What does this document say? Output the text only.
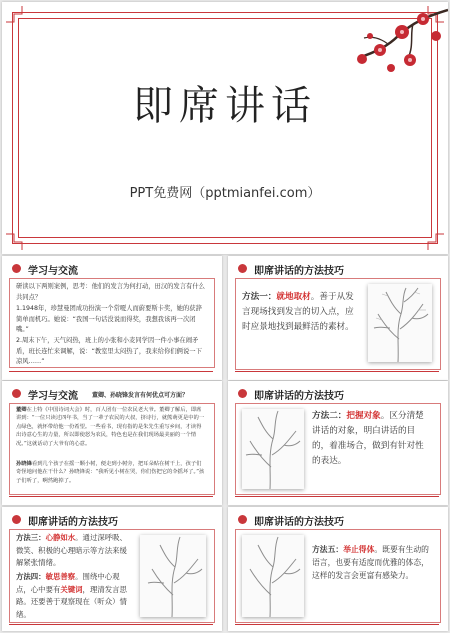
即席讲话
PPT免费网（pptmianfei.com）
学习与交流
研读以下两则案例，思考：他们的发言为何打动，田汉的发言有什么共同点？
1.1948年，珍慧曼团成功扮演一个常嗄人而蔚要斯卡奖，她的获辞简单而机巧。她说：“我国一句话没说而得奖，我想我该再一次闭嘴。”
2.周末下午，天气闷热，班上的小张和小麦同学因一件小事在闹矛盾，班长连忙来调解，说：“教室里太闷热了，我来给你们俩说一下凉风……”
即席讲话的方法技巧
方法一：就地取材。善于从发言现场找到发言的切入点，应时应景地找到最鲜活的素材。
学习与交流 董卿、孙晓锋发言有何优点可方面？
董卿在上特《中国诗词大会》时，百人团有一位农民老大爷。董卿了解后，即席讲到：“一位只读过四年书，当了一辈子农民的大叔，挤诗行，就熊萌更是中的一点绿色，就怀带给他一份希望。一些看书，现有指的是朱先生重写乡间，才读得出诗意心生的力量，所以即使怒为农民，特色也是在我们现场最美丽的一个情况。”这就话动了大爷有的心意。
孙晓锋看到几个孩子在摇一颗小树，便走到小树旁，把耳朵贴在树干上，孩子们奇怪地问他在干什么？孙晓锋说：“我听见小树在哭，你们伤把它的伞摇坏了。”孩子们听了，啊然跑掉了。
即席讲话的方法技巧
方法二：把握对象。区分清楚讲话的对象，明白讲话的目的，着准场合，做到有针对性的表达。
即席讲话的方法技巧
方法三：心静如水。通过深呼吸、微笑、积极的心理暗示等方法来缓解紧张情绪。
方法四：敏思善察。围绕中心观点，心中要有关键词，理清发言思路。还要善于观察现在（听众）情绪。
即席讲话的方法技巧
方法五：举止得体。既要有生动的语言，也要有适度而优雅的体态，这样的发言会更富有感染力。
